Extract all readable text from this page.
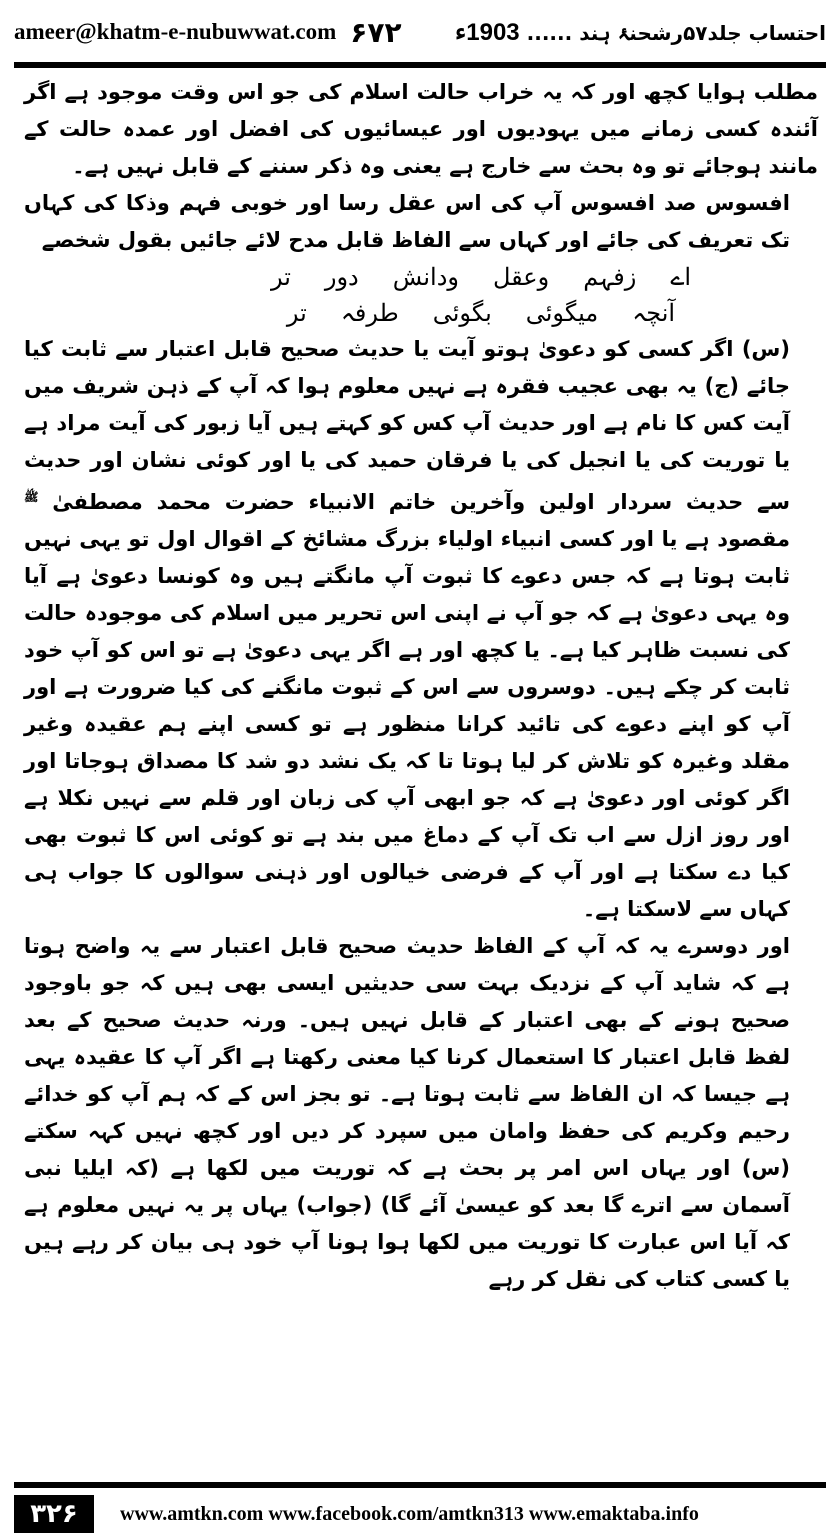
ameer@khatm-e-nubuwwat.com ۶۷۲	احتساب جلد۵۷رشحنۂ ہند ...... 1903ء

مطلب ہوایا کچھ اور کہ یہ خراب حالت اسلام کی جو اس وقت موجود ہے اگر آئندہ کسی زمانے میں یہودیوں اور عیسائیوں کی افضل اور عمدہ حالت کے مانند ہوجائے تو وہ بحث سے خارج ہے یعنی وہ ذکر سننے کے قابل نہیں ہے۔

افسوس صد افسوس آپ کی اس عقل رسا اور خوبی فہم وذکا کی کہاں تک تعریف کی جائے اور کہاں سے الفاظ قابل مدح لائے جائیں بقول شخصے

اے
زفہم
وعقل
ودانش
دور
تر
آنچہ
میگوئی
بگوئی
طرفہ
تر

(س) اگر کسی کو دعویٰ ہوتو آیت یا حدیث صحیح قابل اعتبار سے ثابت کیا جائے (ج) یہ بھی عجیب فقرہ ہے نہیں معلوم ہوا کہ آپ کے ذہن شریف میں آیت کس کا نام ہے اور حدیث آپ کس کو کہتے ہیں آیا زبور کی آیت مراد ہے یا توریت کی یا انجیل کی یا فرقان حمید کی یا اور کوئی نشان اور حدیث سے حدیث سردار اولین وآخرین خاتم الانبیاء حضرت محمد مصطفیٰ $^ﷺ$ مقصود ہے یا اور کسی انبیاء اولیاء بزرگ مشائخ کے اقوال اول تو یہی نہیں ثابت ہوتا ہے کہ جس دعوے کا ثبوت آپ مانگتے ہیں وہ کونسا دعویٰ ہے آیا وہ یہی دعویٰ ہے کہ جو آپ نے اپنی اس تحریر میں اسلام کی موجودہ حالت کی نسبت ظاہر کیا ہے۔ یا کچھ اور ہے اگر یہی دعویٰ ہے تو اس کو آپ خود ثابت کر چکے ہیں۔ دوسروں سے اس کے ثبوت مانگنے کی کیا ضرورت ہے اور آپ کو اپنے دعوے کی تائید کرانا منظور ہے تو کسی اپنے ہم عقیدہ وغیر مقلد وغیرہ کو تلاش کر لیا ہوتا تا کہ یک نشد دو شد کا مصداق ہوجاتا اور اگر کوئی اور دعویٰ ہے کہ جو ابھی آپ کی زبان اور قلم سے نہیں نکلا ہے اور روز ازل سے اب تک آپ کے دماغ میں بند ہے تو کوئی اس کا ثبوت بھی کیا دے سکتا ہے اور آپ کے فرضی خیالوں اور ذہنی سوالوں کا جواب ہی کہاں سے لاسکتا ہے۔

اور دوسرے یہ کہ آپ کے الفاظ حدیث صحیح قابل اعتبار سے یہ واضح ہوتا ہے کہ شاید آپ کے نزدیک بہت سی حدیثیں ایسی بھی ہیں کہ جو باوجود صحیح ہونے کے بھی اعتبار کے قابل نہیں ہیں۔ ورنہ حدیث صحیح کے بعد لفظ قابل اعتبار کا استعمال کرنا کیا معنی رکھتا ہے اگر آپ کا عقیدہ یہی ہے جیسا کہ ان الفاظ سے ثابت ہوتا ہے۔ تو بجز اس کے کہ ہم آپ کو خدائے رحیم وکریم کی حفظ وامان میں سپرد کر دیں اور کچھ نہیں کہہ سکتے (س) اور یہاں اس امر پر بحث ہے کہ توریت میں لکھا ہے (کہ ایلیا نبی آسمان سے اترے گا بعد کو عیسیٰ آئے گا) (جواب) یہاں پر یہ نہیں معلوم ہے کہ آیا اس عبارت کا توریت میں لکھا ہوا ہونا آپ خود ہی بیان کر رہے ہیں یا کسی کتاب کی نقل کر رہے

۳۲۶	www.amtkn.com www.facebook.com/amtkn313 www.emaktaba.info
